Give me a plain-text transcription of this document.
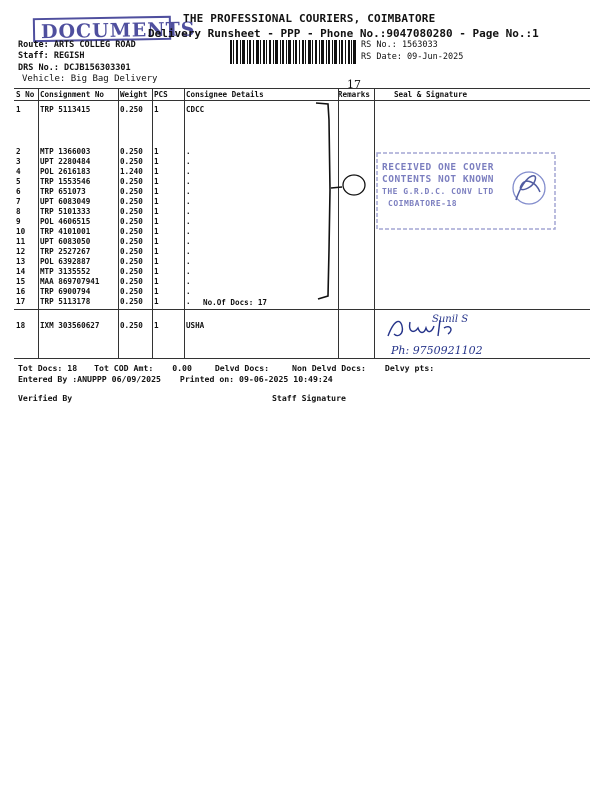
DOCUMENTS
THE PROFESSIONAL COURIERS, COIMBATORE
Delivery Runsheet - PPP - Phone No.:9047080280 - Page No.:1
Route: ARTS COLLEG ROAD
Staff: REGISH
DRS No.: DCJB156303301
Vehicle: Big Bag Delivery
RS No.: 1563033
RS Date: 09-Jun-2025
S No	Consignment No	Weight	PCS	Consignee Details	Remarks	Seal & Signature
1	TRP 5113415	0.250	1	CDCC		
2	MTP 1366003	0.250	1	.		
3	UPT 2280484	0.250	1	.		
4	POL 2616183	1.240	1	.		
5	TRP 1553546	0.250	1	.		
6	TRP 651073	0.250	1	.		
7	UPT 6083049	0.250	1	.		
8	TRP 5101333	0.250	1	.		
9	POL 4606515	0.250	1	.		
10	TRP 4101001	0.250	1	.		
11	UPT 6083050	0.250	1	.		
12	TRP 2527267	0.250	1	.		
13	POL 6392887	0.250	1	.		
14	MTP 3135552	0.250	1	.		
15	MAA 869707941	0.250	1	.		
16	TRP 6900794	0.250	1	.		
17	TRP 5113178	0.250	1	.		

18	IXM 303560627	0.250	1	USHA		
No.Of Docs: 17
17
RECEIVED ONE COVER
CONTENTS NOT KNOWN
THE G.R.D.C. CONV LTD
COIMBATORE-18
Sunil S
Ph: 9750921102
Tot Docs: 18 Tot COD Amt: 0.00	Delvd Docs:	Non Delvd Docs: Delvy pts:
Entered By :ANUPPP 06/09/2025 Printed on: 09-06-2025 10:49:24
Verified By	Staff Signature
